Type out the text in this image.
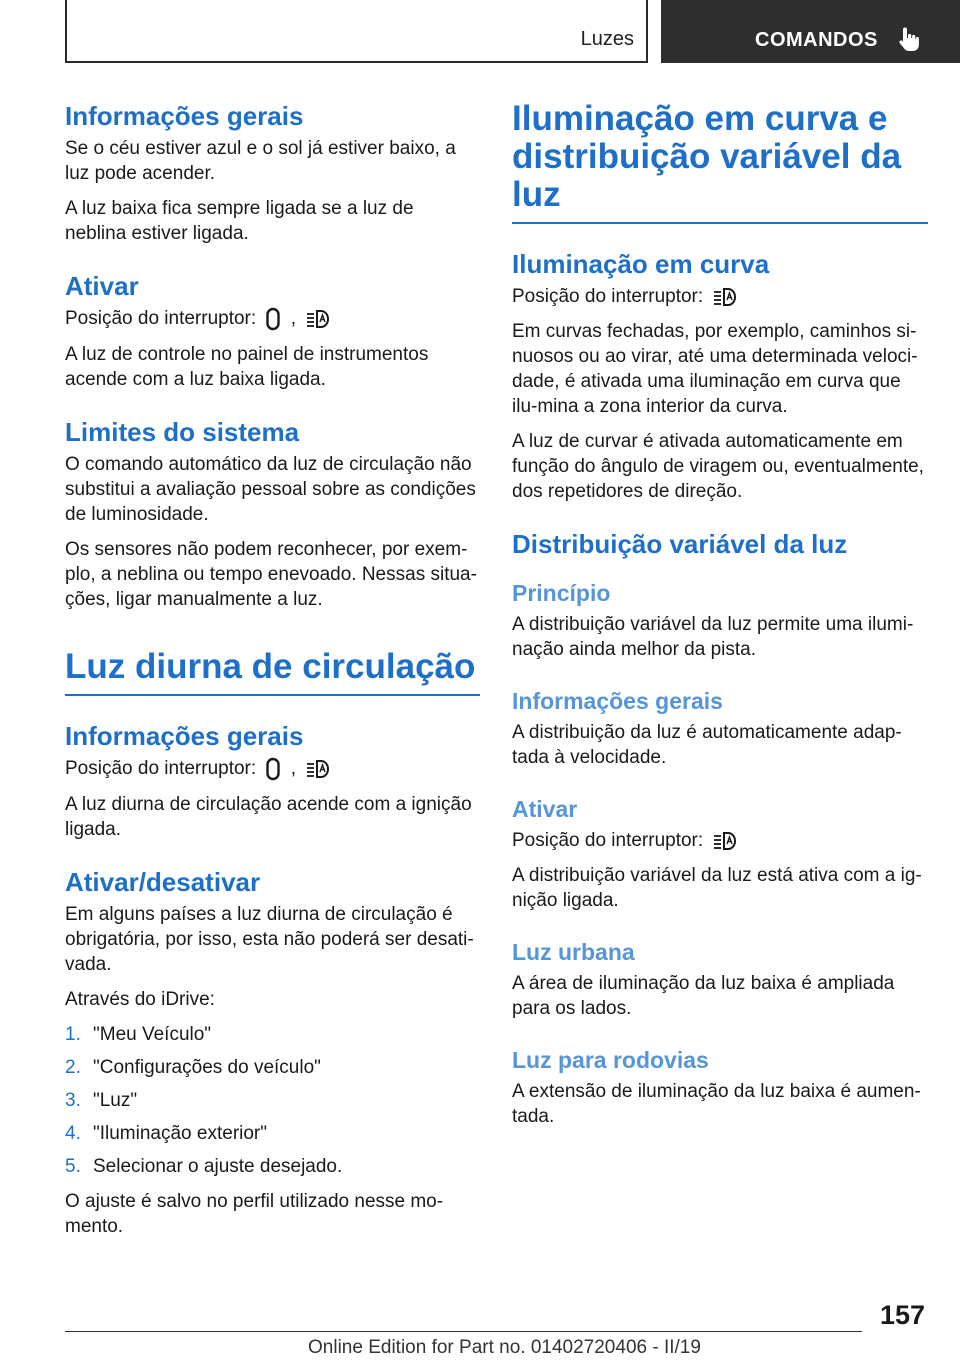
Luzes	COMANDOS
Informações gerais

Se o céu estiver azul e o sol já estiver baixo, a luz pode acender.

A luz baixa fica sempre ligada se a luz de neblina estiver ligada.

Ativar

Posição do interruptor: ,

A luz de controle no painel de instrumentos acende com a luz baixa ligada.

Limites do sistema

O comando automático da luz de circulação não substitui a avaliação pessoal sobre as condições de luminosidade.

Os sensores não podem reconhecer, por exem-plo, a neblina ou tempo enevoado. Nessas situa-ções, ligar manualmente a luz.

Luz diurna de circulação
Informações gerais

Posição do interruptor: ,

A luz diurna de circulação acende com a ignição ligada.

Ativar/desativar

Em alguns países a luz diurna de circulação é obrigatória, por isso, esta não poderá ser desati-vada.

Através do iDrive:

1. "Meu Veículo"
2. "Configurações do veículo"
3. "Luz"
4. "Iluminação exterior"
5. Selecionar o ajuste desejado.

O ajuste é salvo no perfil utilizado nesse mo-mento.

Iluminação em curva e distribuição variável da luz
Iluminação em curva

Posição do interruptor:

Em curvas fechadas, por exemplo, caminhos si-nuosos ou ao virar, até uma determinada veloci-dade, é ativada uma iluminação em curva que ilu-mina a zona interior da curva.

A luz de curvar é ativada automaticamente em função do ângulo de viragem ou, eventualmente, dos repetidores de direção.

Distribuição variável da luz
Princípio

A distribuição variável da luz permite uma ilumi-nação ainda melhor da pista.

Informações gerais

A distribuição da luz é automaticamente adap-tada à velocidade.

Ativar

Posição do interruptor:

A distribuição variável da luz está ativa com a ig-nição ligada.

Luz urbana

A área de iluminação da luz baixa é ampliada para os lados.

Luz para rodovias

A extensão de iluminação da luz baixa é aumen-tada.

157
Online Edition for Part no. 01402720406 - II/19
